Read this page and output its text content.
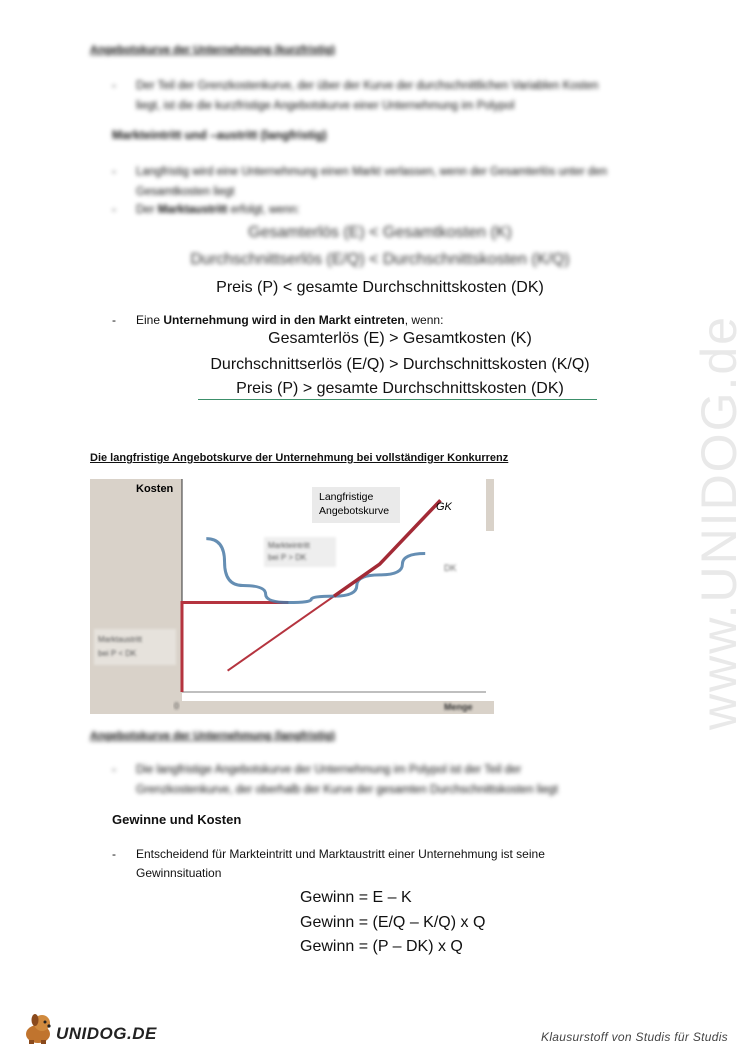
www.UNIDOG.de
Angebotskurve der Unternehmung (kurzfristig)
- Der Teil der Grenzkostenkurve, der über der Kurve der durchschnittlichen Variablen Kosten
liegt, ist die die kurzfristige Angebotskurve einer Unternehmung im Polypol
Markteintritt und –austritt (langfristig)
- Langfristig wird eine Unternehmung einen Markt verlassen, wenn der Gesamterlös unter den
Gesamtkosten liegt
- Der Marktaustritt erfolgt, wenn:
Gesamterlös (E) < Gesamtkosten (K)
Durchschnittserlös (E/Q) < Durchschnittskosten (K/Q)
Preis (P) < gesamte Durchschnittskosten (DK)
- Eine Unternehmung wird in den Markt eintreten, wenn:
Gesamterlös (E) > Gesamtkosten (K)
Durchschnittserlös (E/Q) > Durchschnittskosten (K/Q)
Preis (P) > gesamte Durchschnittskosten (DK)
Die langfristige Angebotskurve der Unternehmung bei vollständiger Konkurrenz
Kosten
Menge
0
Langfristige
Angebotskurve
Markteintritt
bei P > DK
Marktaustritt
bei P < DK
GK
DK
Angebotskurve der Unternehmung (langfristig)
- Die langfristige Angebotskurve der Unternehmung im Polypol ist der Teil der
Grenzkostenkurve, der oberhalb der Kurve der gesamten Durchschnittskosten liegt
Gewinne und Kosten
- Entscheidend für Markteintritt und Marktaustritt einer Unternehmung ist seine
Gewinnsituation
Gewinn = E – K
Gewinn = (E/Q – K/Q) x Q
Gewinn = (P – DK) x Q
UNIDOG.DE	Klausurstoff von Studis für Studis
